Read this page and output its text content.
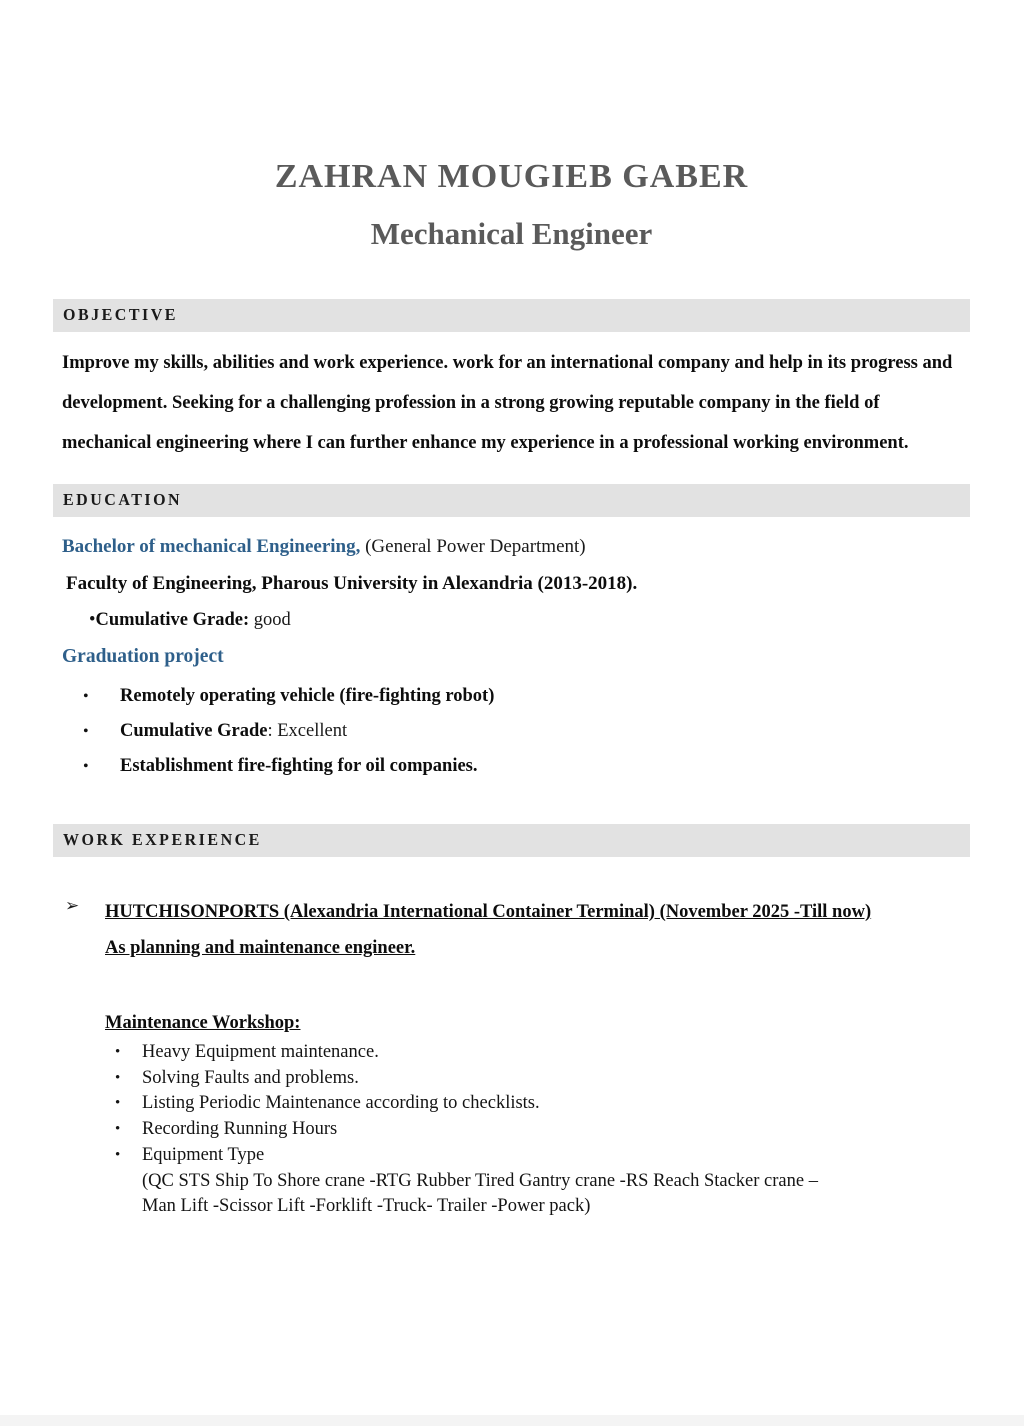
ZAHRAN MOUGIEB GABER
Mechanical Engineer
OBJECTIVE
Improve my skills, abilities and work experience. work for an international company and help in its progress and development. Seeking for a challenging profession in a strong growing reputable company in the field of mechanical engineering where I can further enhance my experience in a professional working environment.
EDUCATION
Bachelor of mechanical Engineering, (General Power Department)
Faculty of Engineering, Pharous University in Alexandria (2013-2018).
•Cumulative Grade: good
Graduation project
•	Remotely operating vehicle (fire-fighting robot)
•	Cumulative Grade: Excellent
•	Establishment fire-fighting for oil companies.
WORK EXPERIENCE
➢	HUTCHISONPORTS (Alexandria International Container Terminal) (November 2025 -Till now)
As planning and maintenance engineer.
Maintenance Workshop:
•	Heavy Equipment maintenance.
•	Solving Faults and problems.
•	Listing Periodic Maintenance according to checklists.
•	Recording Running Hours
•	Equipment Type
(QC STS Ship To Shore crane -RTG Rubber Tired Gantry crane -RS Reach Stacker crane –
Man Lift -Scissor Lift -Forklift -Truck- Trailer -Power pack)
